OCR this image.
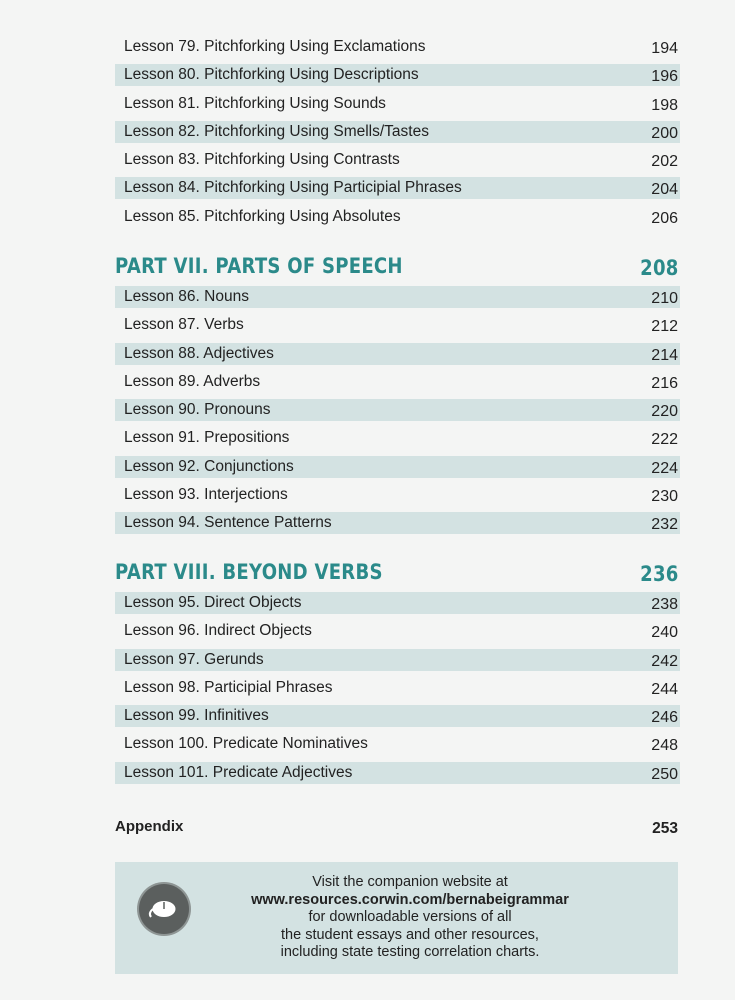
Lesson 79. Pitchforking Using Exclamations	194
Lesson 80. Pitchforking Using Descriptions	196
Lesson 81. Pitchforking Using Sounds	198
Lesson 82. Pitchforking Using Smells/Tastes	200
Lesson 83. Pitchforking Using Contrasts	202
Lesson 84. Pitchforking Using Participial Phrases	204
Lesson 85. Pitchforking Using Absolutes	206
PART VII. PARTS OF SPEECH	208
Lesson 86. Nouns	210
Lesson 87. Verbs	212
Lesson 88. Adjectives	214
Lesson 89. Adverbs	216
Lesson 90. Pronouns	220
Lesson 91. Prepositions	222
Lesson 92. Conjunctions	224
Lesson 93. Interjections	230
Lesson 94. Sentence Patterns	232
PART VIII. BEYOND VERBS	236
Lesson 95. Direct Objects	238
Lesson 96. Indirect Objects	240
Lesson 97. Gerunds	242
Lesson 98. Participial Phrases	244
Lesson 99. Infinitives	246
Lesson 100. Predicate Nominatives	248
Lesson 101. Predicate Adjectives	250
Appendix	253
Visit the companion website at
www.resources.corwin.com/bernabeigrammar
for downloadable versions of all
the student essays and other resources,
including state testing correlation charts.
